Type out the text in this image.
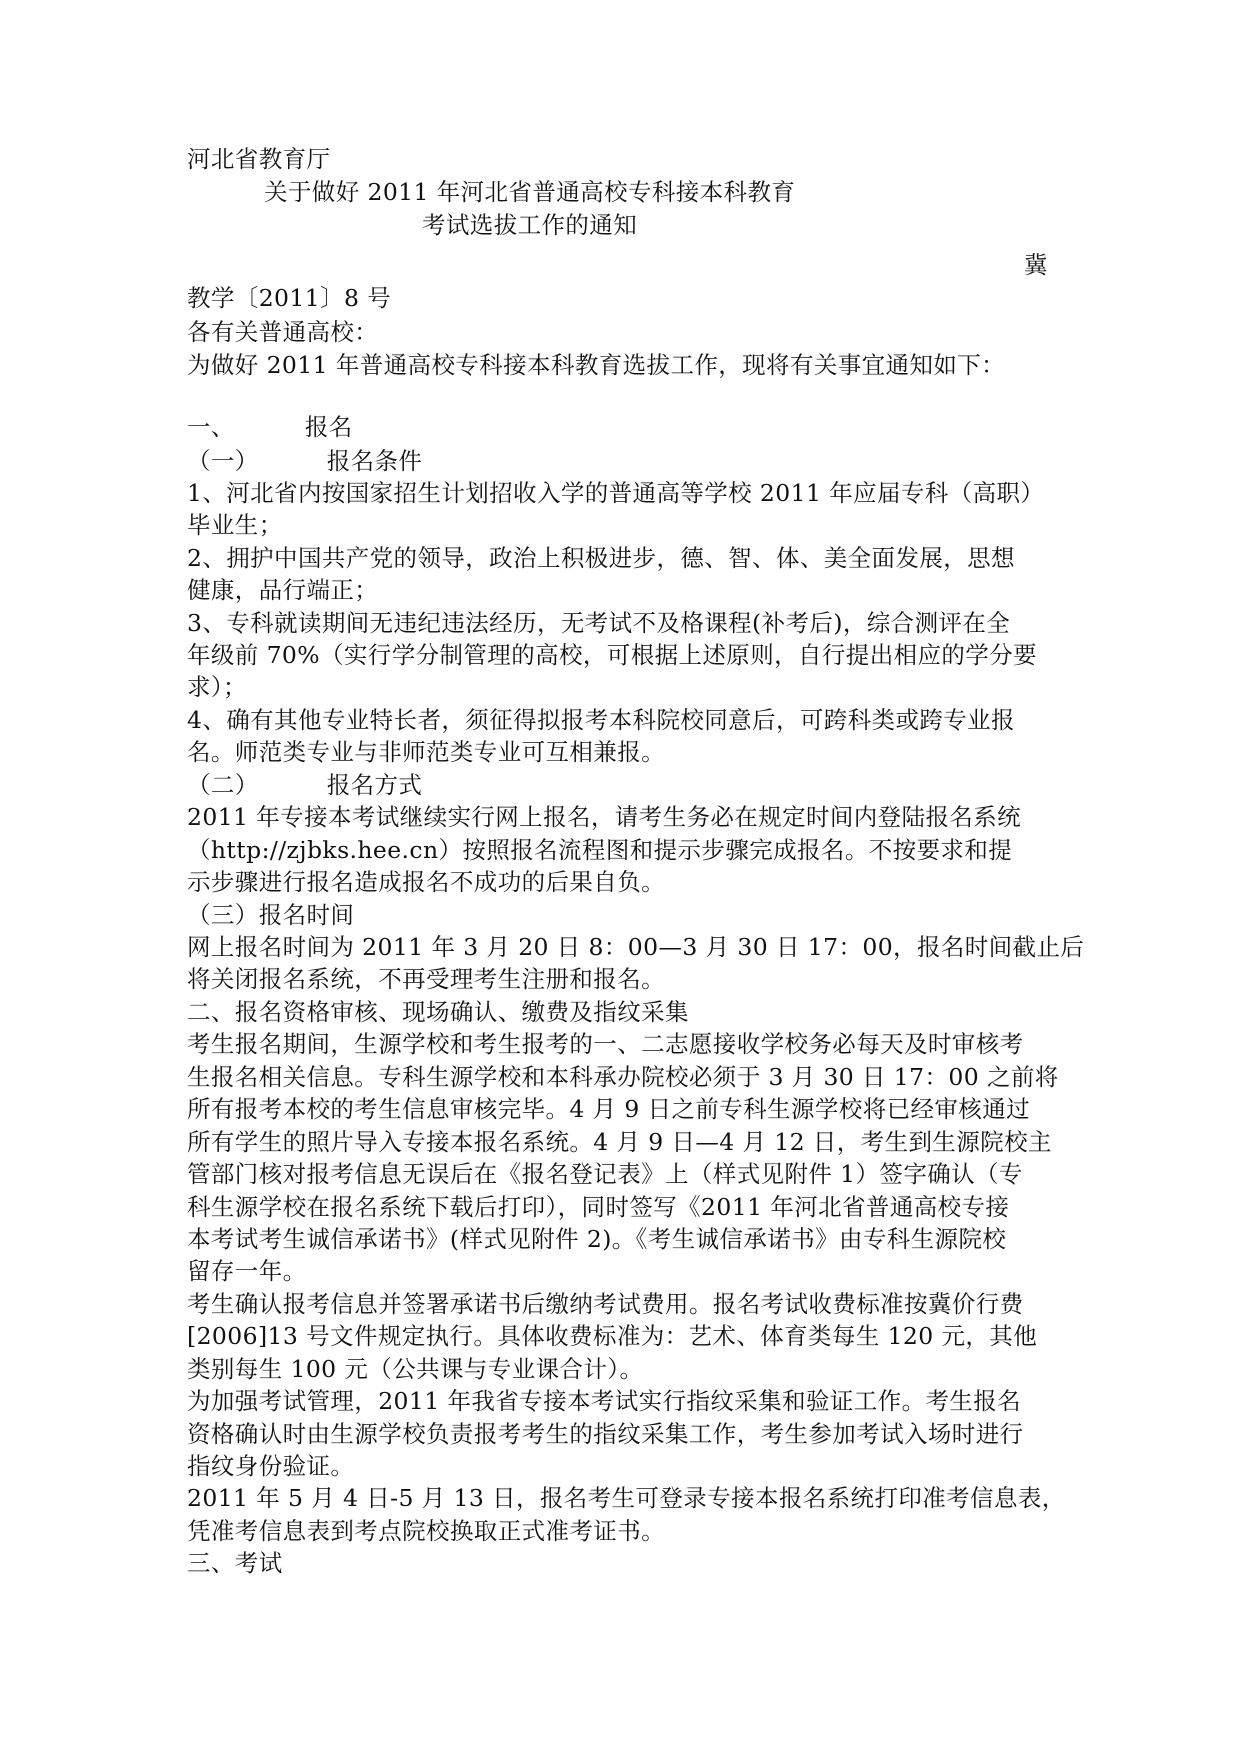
河北省教育厅
关于做好 2011 年河北省普通高校专科接本科教育
考试选拔工作的通知
冀
教学〔2011〕8 号
各有关普通高校：
为做好 2011 年普通高校专科接本科教育选拔工作，现将有关事宜通知如下：
一、	报名
（一）	报名条件
1、河北省内按国家招生计划招收入学的普通高等学校 2011 年应届专科（高职）
毕业生；
2、拥护中国共产党的领导，政治上积极进步，德、智、体、美全面发展，思想
健康，品行端正；
3、专科就读期间无违纪违法经历，无考试不及格课程(补考后)，综合测评在全
年级前 70%（实行学分制管理的高校，可根据上述原则，自行提出相应的学分要
求）；
4、确有其他专业特长者，须征得拟报考本科院校同意后，可跨科类或跨专业报
名。师范类专业与非师范类专业可互相兼报。
（二）	报名方式
2011 年专接本考试继续实行网上报名，请考生务必在规定时间内登陆报名系统
（http://zjbks.hee.cn）按照报名流程图和提示步骤完成报名。不按要求和提
示步骤进行报名造成报名不成功的后果自负。
（三）报名时间
网上报名时间为 2011 年 3 月 20 日 8：00—3 月 30 日 17：00，报名时间截止后
将关闭报名系统，不再受理考生注册和报名。
二、报名资格审核、现场确认、缴费及指纹采集
考生报名期间，生源学校和考生报考的一、二志愿接收学校务必每天及时审核考
生报名相关信息。专科生源学校和本科承办院校必须于 3 月 30 日 17：00 之前将
所有报考本校的考生信息审核完毕。4 月 9 日之前专科生源学校将已经审核通过
所有学生的照片导入专接本报名系统。4 月 9 日—4 月 12 日，考生到生源院校主
管部门核对报考信息无误后在《报名登记表》上（样式见附件 1）签字确认（专
科生源学校在报名系统下载后打印），同时签写《2011 年河北省普通高校专接
本考试考生诚信承诺书》(样式见附件 2)。《考生诚信承诺书》由专科生源院校
留存一年。
考生确认报考信息并签署承诺书后缴纳考试费用。报名考试收费标准按冀价行费
[2006]13 号文件规定执行。具体收费标准为：艺术、体育类每生 120 元，其他
类别每生 100 元（公共课与专业课合计）。
为加强考试管理，2011 年我省专接本考试实行指纹采集和验证工作。考生报名
资格确认时由生源学校负责报考考生的指纹采集工作，考生参加考试入场时进行
指纹身份验证。
2011 年 5 月 4 日-5 月 13 日，报名考生可登录专接本报名系统打印准考信息表，
凭准考信息表到考点院校换取正式准考证书。
三、考试
